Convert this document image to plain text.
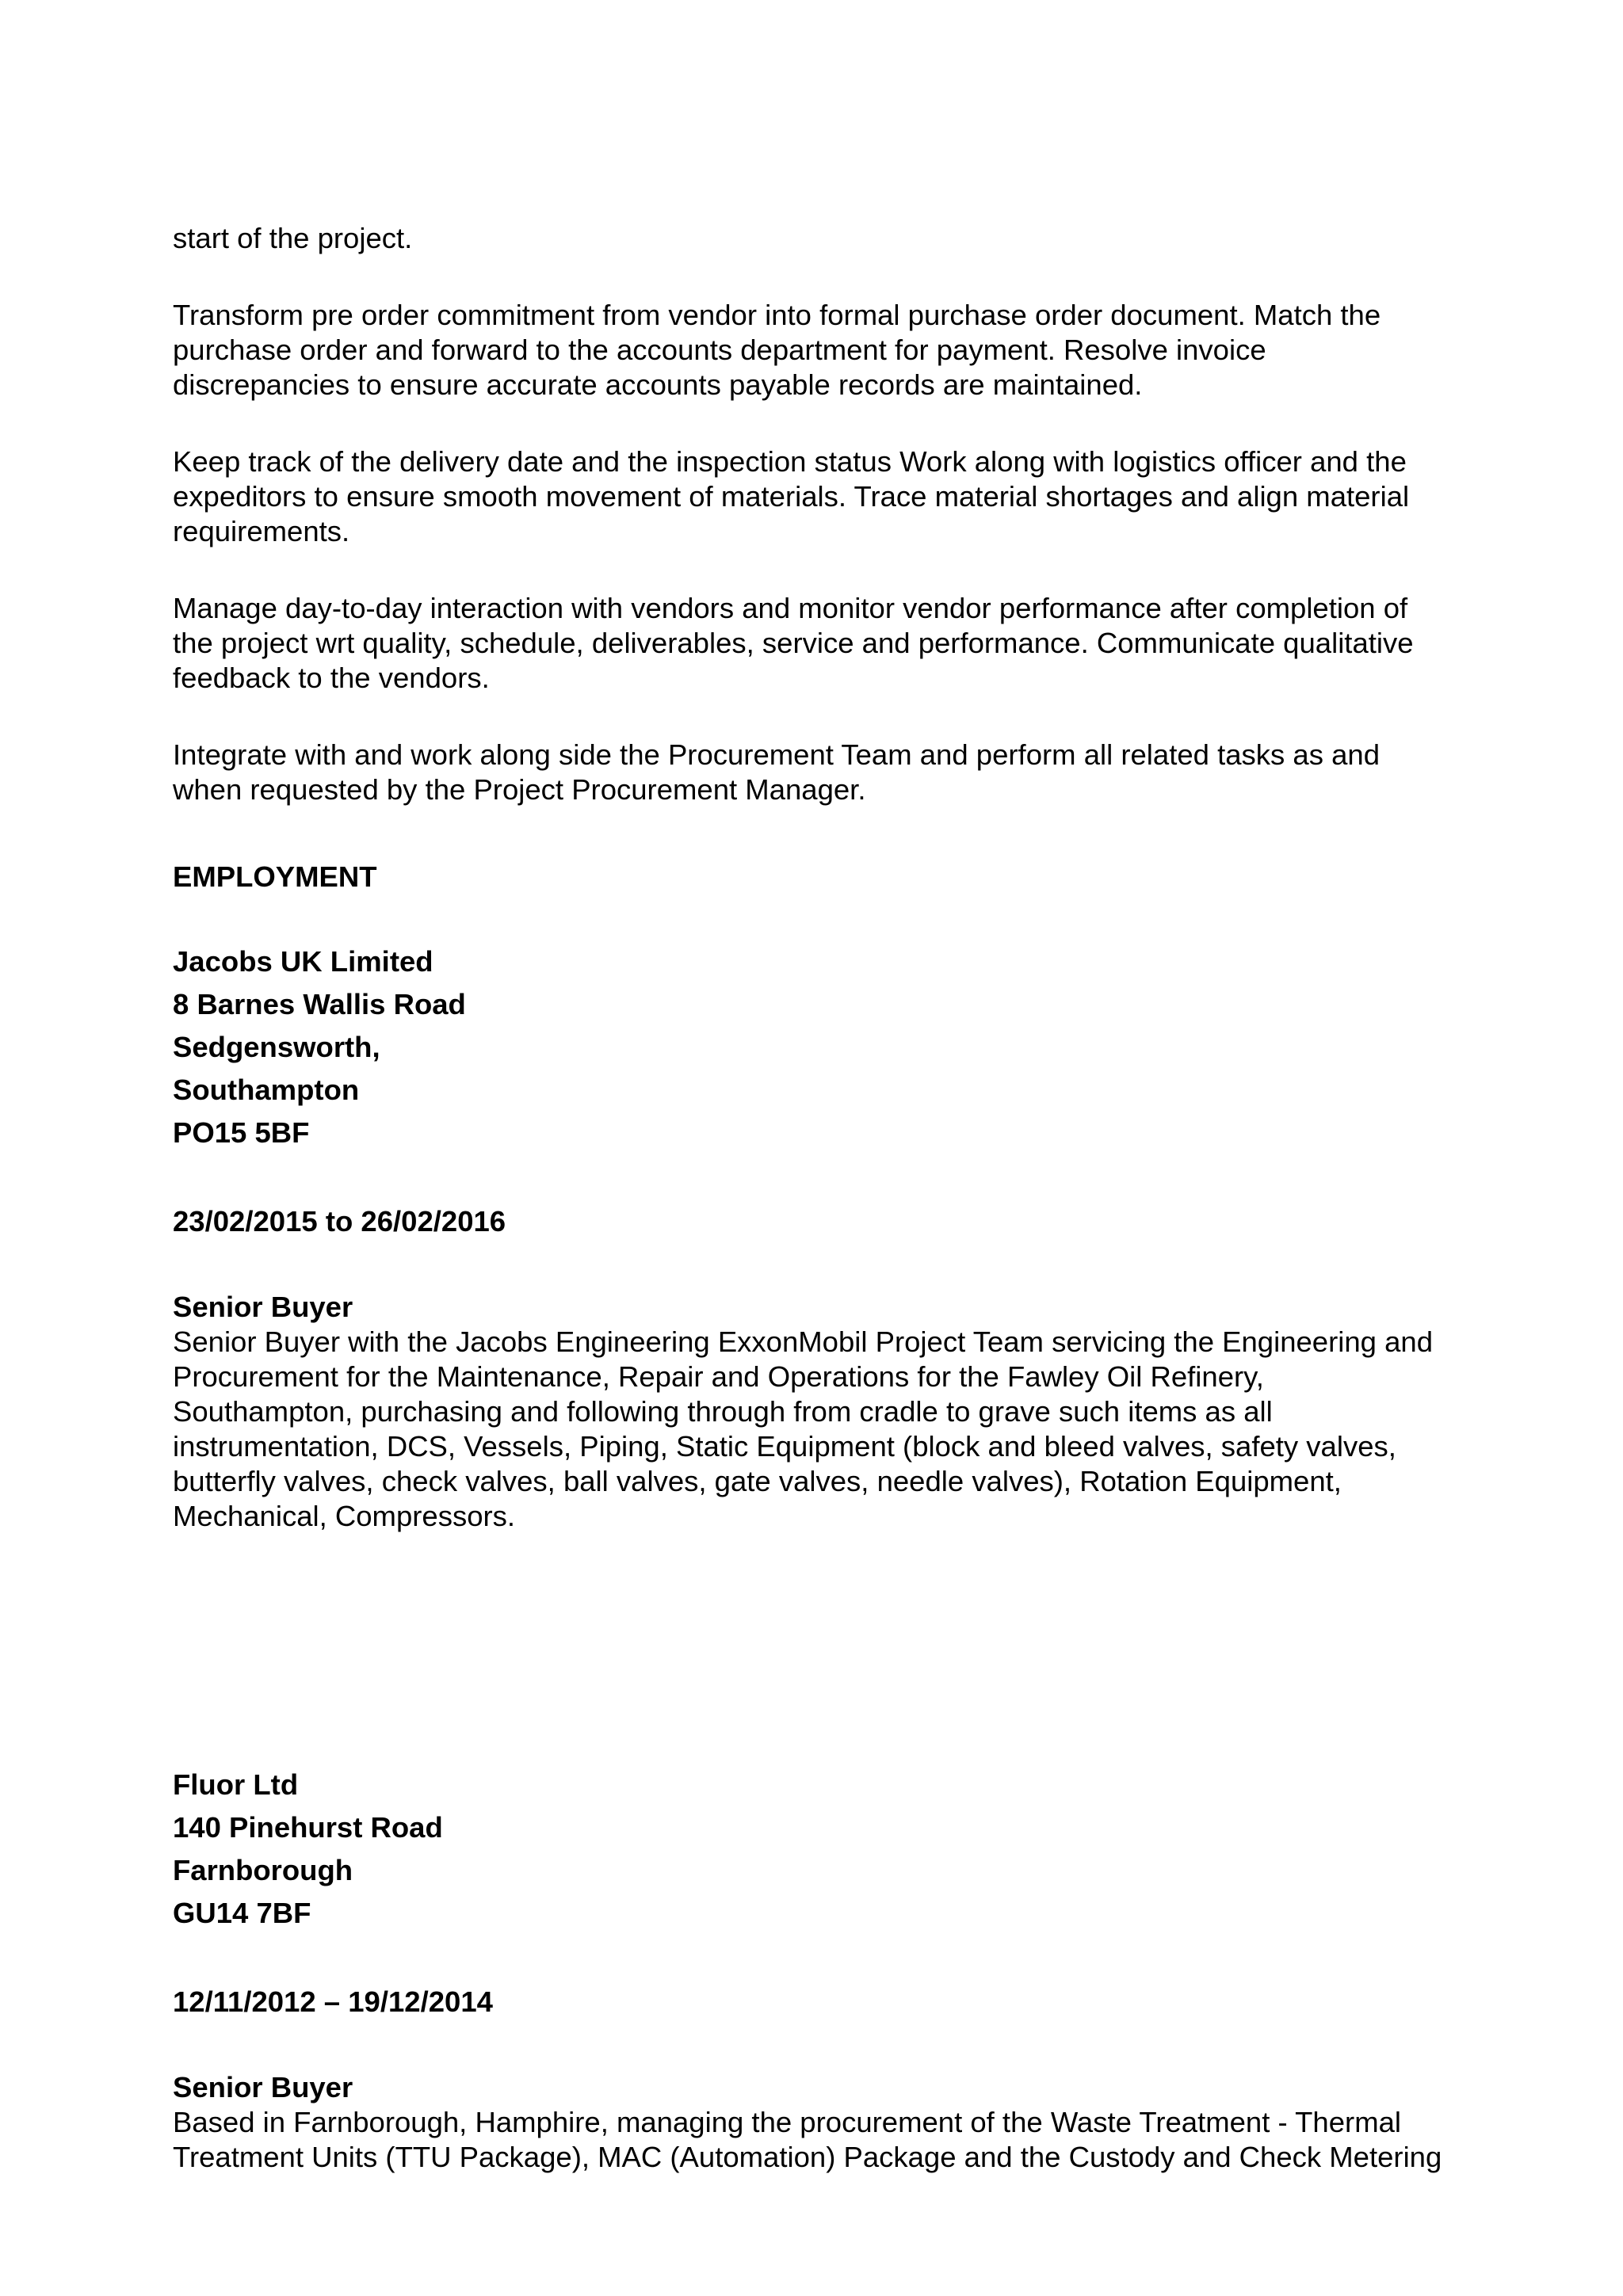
start of the project.

Transform pre order commitment from vendor into formal purchase order document. Match the
purchase order and forward to the accounts department for payment. Resolve invoice
discrepancies to ensure accurate accounts payable records are maintained.

Keep track of the delivery date and the inspection status Work along with logistics officer and the
expeditors to ensure smooth movement of materials. Trace material shortages and align material
requirements.

Manage day-to-day interaction with vendors and monitor vendor performance after completion of
the project wrt quality, schedule, deliverables, service and performance. Communicate qualitative
feedback to the vendors.

Integrate with and work along side the Procurement Team and perform all related tasks as and
when requested by the Project Procurement Manager.

EMPLOYMENT

Jacobs UK Limited
8 Barnes Wallis Road
Sedgensworth,
Southampton
PO15 5BF

23/02/2015 to 26/02/2016

Senior Buyer

Senior Buyer with the Jacobs Engineering ExxonMobil Project Team servicing the Engineering and
Procurement for the Maintenance, Repair and Operations for the Fawley Oil Refinery,
Southampton, purchasing and following through from cradle to grave such items as all
instrumentation, DCS, Vessels, Piping, Static Equipment (block and bleed valves, safety valves,
butterfly valves, check valves, ball valves, gate valves, needle valves), Rotation Equipment,
Mechanical, Compressors.

Fluor Ltd
140 Pinehurst Road
Farnborough
GU14 7BF

12/11/2012 – 19/12/2014

Senior Buyer

Based in Farnborough, Hamphire, managing the procurement of the Waste Treatment - Thermal
Treatment Units (TTU Package), MAC (Automation) Package and the Custody and Check Metering
